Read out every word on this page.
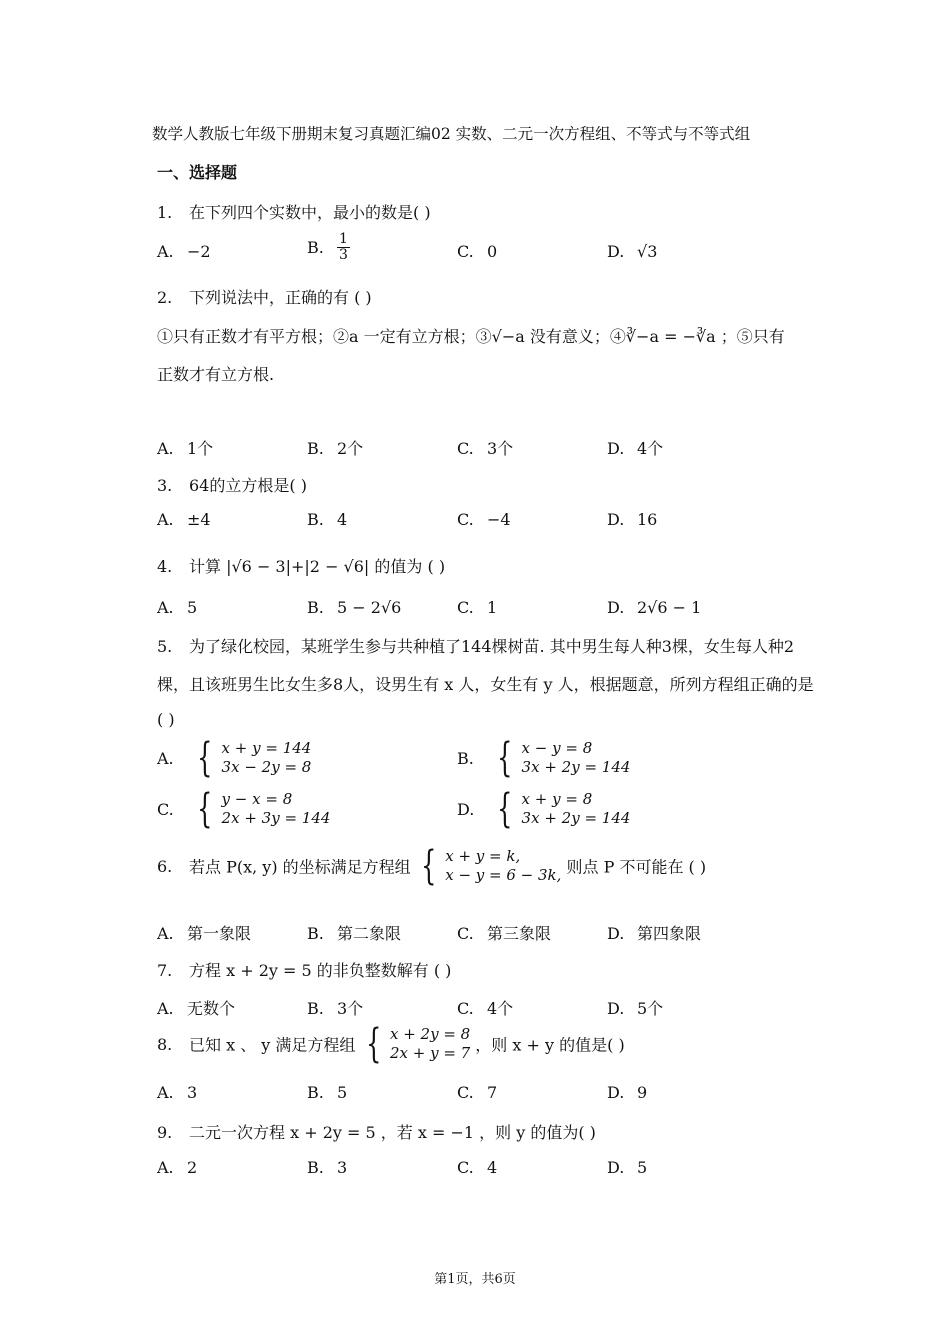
数学人教版七年级下册期末复习真题汇编02 实数、二元一次方程组、不等式与不等式组
一、选择题
1. 在下列四个实数中，最小的数是( )
A. −2	B. $\frac{1}{3}$	C. 0	D. √3
2. 下列说法中，正确的有 ( )
①只有正数才有平方根；②a 一定有立方根；③√−a 没有意义；④∛−a = −∛a ；⑤只有
正数才有立方根.
A. 1个	B. 2个	C. 3个	D. 4个
3. 64的立方根是( )
A. ±4	B. 4	C. −4	D. 16
4. 计算 |√6 − 3|+|2 − √6| 的值为 ( )
A. 5	B. 5 − 2√6	C. 1	D. 2√6 − 1
5. 为了绿化校园，某班学生参与共种植了144棵树苗. 其中男生每人种3棵，女生每人种2
棵，且该班男生比女生多8人，设男生有 x 人，女生有 y 人，根据题意，所列方程组正确的是
( )
A. { x + y = 144
3x − 2y = 8	B. { x − y = 8
3x + 2y = 144
C. { y − x = 8
2x + 3y = 144	D. { x + y = 8
3x + 2y = 144
6. 若点 P(x, y) 的坐标满足方程组 { x + y = k,
x − y = 6 − 3k, 则点 P 不可能在 ( )
A. 第一象限	B. 第二象限	C. 第三象限	D. 第四象限
7. 方程 x + 2y = 5 的非负整数解有 ( )
A. 无数个	B. 3个	C. 4个	D. 5个
8. 已知 x 、 y 满足方程组 { x + 2y = 8
2x + y = 7 ，则 x + y 的值是( )
A. 3	B. 5	C. 7	D. 9
9. 二元一次方程 x + 2y = 5 ，若 x = −1 ，则 y 的值为( )
A. 2	B. 3	C. 4	D. 5
第1页，共6页
